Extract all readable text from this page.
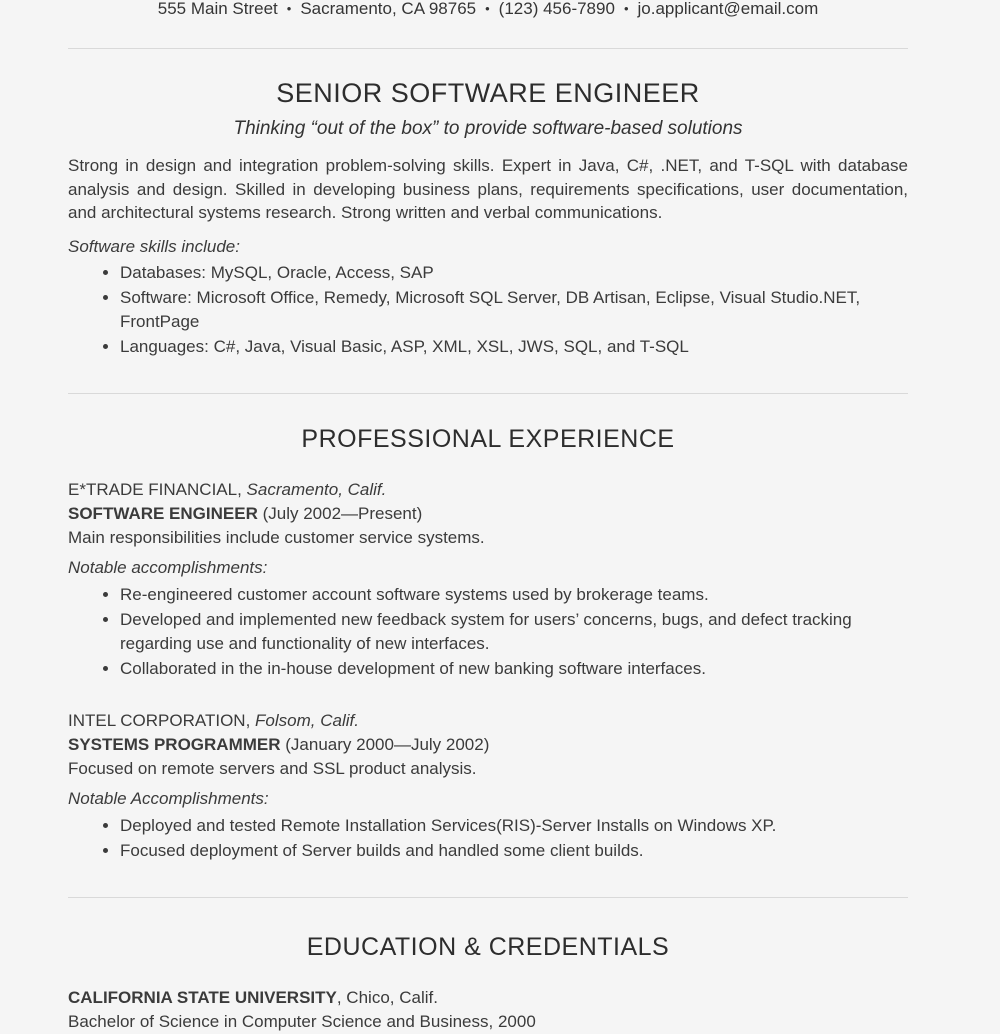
555 Main Street • Sacramento, CA 98765 • (123) 456-7890 • jo.applicant@email.com
SENIOR SOFTWARE ENGINEER
Thinking “out of the box” to provide software-based solutions

Strong in design and integration problem-solving skills. Expert in Java, C#, .NET, and T-SQL with database analysis and design. Skilled in developing business plans, requirements specifications, user documentation, and architectural systems research. Strong written and verbal communications.

Software skills include:

• Databases: MySQL, Oracle, Access, SAP
• Software: Microsoft Office, Remedy, Microsoft SQL Server, DB Artisan, Eclipse, Visual Studio.NET, FrontPage
• Languages: C#, Java, Visual Basic, ASP, XML, XSL, JWS, SQL, and T-SQL
PROFESSIONAL EXPERIENCE

E*TRADE FINANCIAL, Sacramento, Calif.

SOFTWARE ENGINEER (July 2002—Present)

Main responsibilities include customer service systems.

Notable accomplishments:

• Re-engineered customer account software systems used by brokerage teams.
• Developed and implemented new feedback system for users’ concerns, bugs, and defect tracking regarding use and functionality of new interfaces.
• Collaborated in the in-house development of new banking software interfaces.

INTEL CORPORATION, Folsom, Calif.

SYSTEMS PROGRAMMER (January 2000—July 2002)

Focused on remote servers and SSL product analysis.

Notable Accomplishments:

• Deployed and tested Remote Installation Services(RIS)-Server Installs on Windows XP.
• Focused deployment of Server builds and handled some client builds.
EDUCATION & CREDENTIALS

CALIFORNIA STATE UNIVERSITY, Chico, Calif.

Bachelor of Science in Computer Science and Business, 2000
